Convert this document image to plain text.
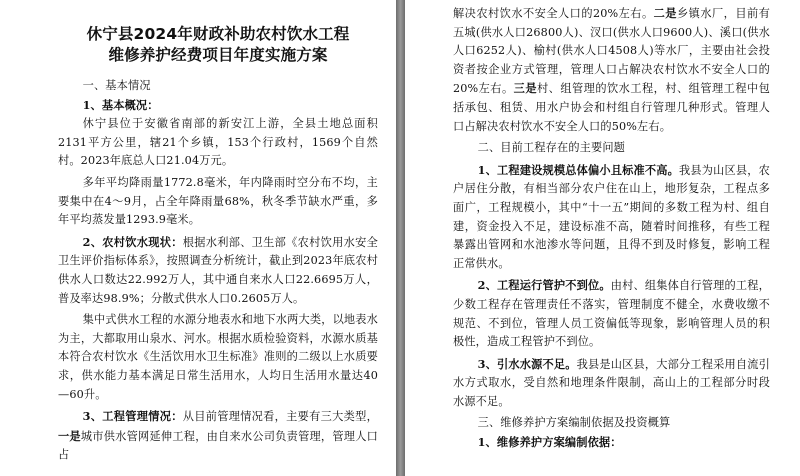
休宁县2024年财政补助农村饮水工程
维修养护经费项目年度实施方案

一、基本情况

1、基本概况：

休宁县位于安徽省南部的新安江上游，全县土地总面积2131平方公里，辖21个乡镇，153个行政村，1569个自然村。2023年底总人口21.04万元。

多年平均降雨量1772.8毫米，年内降雨时空分布不均，主要集中在4～9月，占全年降雨量68%，秋冬季节缺水严重，多年平均蒸发量1293.9毫米。

2、农村饮水现状：根据水利部、卫生部《农村饮用水安全卫生评价指标体系》，按照调查分析统计，截止到2023年底农村供水人口数达22.992万人，其中通自来水人口22.6695万人，普及率达98.9%；分散式供水人口0.2605万人。

集中式供水工程的水源分地表水和地下水两大类，以地表水为主，大都取用山泉水、河水。根据水质检验资料，水源水质基本符合农村饮水《生活饮用水卫生标准》准则的二级以上水质要求，供水能力基本满足日常生活用水，人均日生活用水量达40—60升。

3、工程管理情况：从目前管理情况看，主要有三大类型，一是城市供水管网延伸工程，由自来水公司负责管理，管理人口占

解决农村饮水不安全人口的20%左右。二是乡镇水厂，目前有五城(供水人口26800人)、汊口(供水人口9600人)、溪口(供水人口6252人)、榆村(供水人口4508人)等水厂，主要由社会投资者按企业方式管理，管理人口占解决农村饮水不安全人口的20%左右。三是村、组管理的饮水工程，村、组管理工程中包括承包、租赁、用水户协会和村组自行管理几种形式。管理人口占解决农村饮水不安全人口的50%左右。

二、目前工程存在的主要问题

1、工程建设规模总体偏小且标准不高。我县为山区县，农户居住分散，有相当部分农户住在山上，地形复杂，工程点多面广，工程规模小，其中“十一五”期间的多数工程为村、组自建，资金投入不足，建设标准不高，随着时间推移，有些工程暴露出管网和水池渗水等问题，且得不到及时修复，影响工程正常供水。

2、工程运行管护不到位。由村、组集体自行管理的工程，少数工程存在管理责任不落实，管理制度不健全，水费收缴不规范、不到位，管理人员工资偏低等现象，影响管理人员的积极性，造成工程管护不到位。

3、引水水源不足。我县是山区县，大部分工程采用自流引水方式取水，受自然和地理条件限制，高山上的工程部分时段水源不足。

三、维修养护方案编制依据及投资概算

1、维修养护方案编制依据：
